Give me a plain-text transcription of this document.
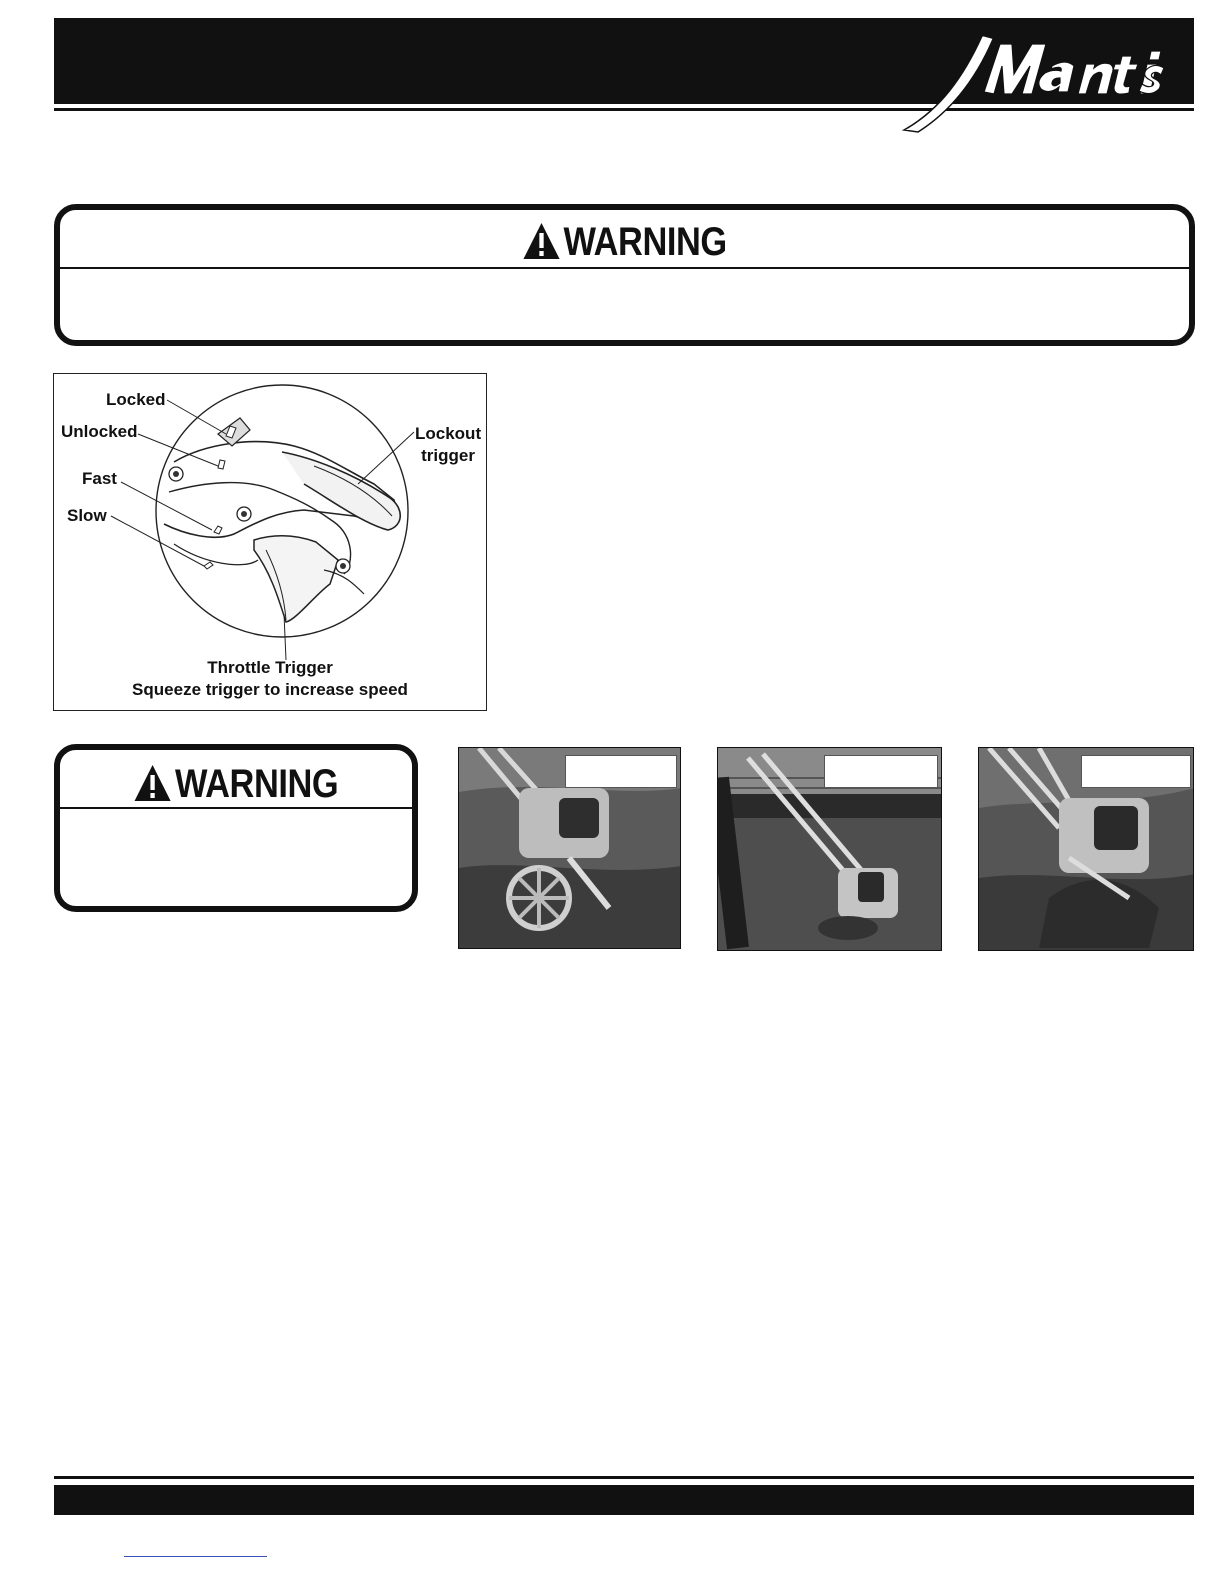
®
WARNING
Locked
Unlocked
Fast
Slow
Lockout
trigger
Throttle Trigger
Squeeze trigger to increase speed
WARNING
